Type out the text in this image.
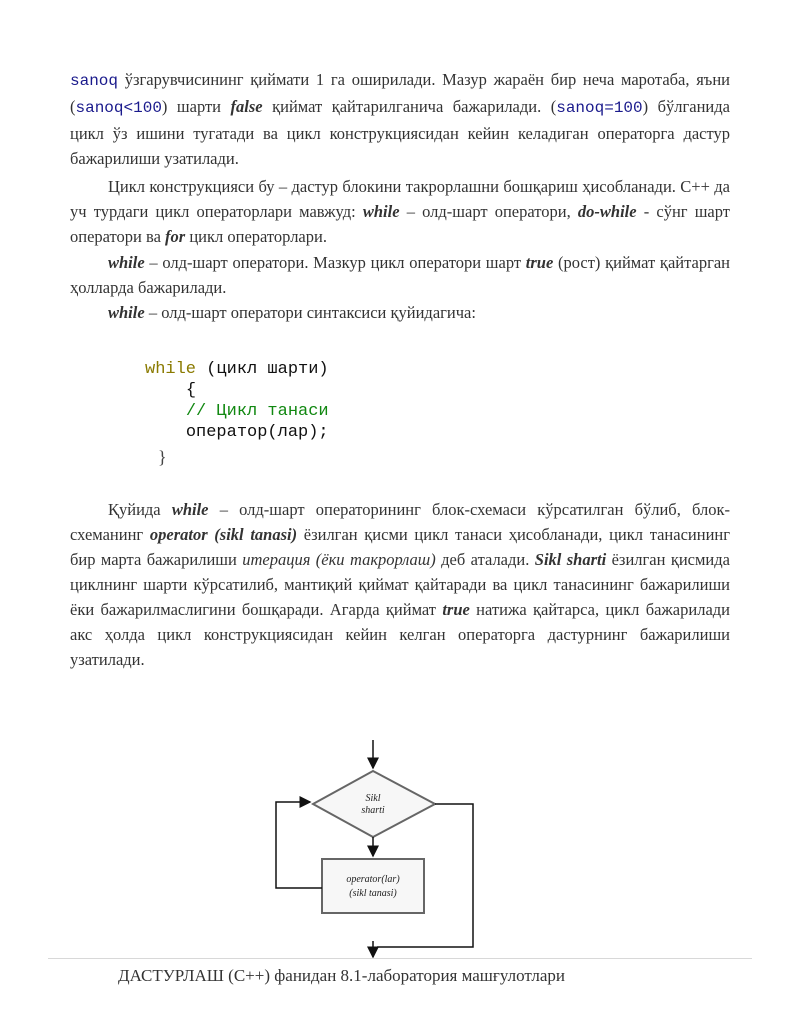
sanoq ўзгарувчисининг қиймати 1 га оширилади. Мазур жараён бир неча маротаба, яъни (sanoq<100) шарти false қиймат қайтарилганича бажарилади. (sanoq=100) бўлганида цикл ўз ишини тугатади ва цикл конструкциясидан кейин келадиган операторга дастур бажарилиши узатилади.

Цикл конструкцияси бу – дастур блокини такрорлашни бошқариш ҳисобланади. С++ да уч турдаги цикл операторлари мавжуд: while – олд-шарт оператори, do-while - сўнг шарт оператори ва for цикл операторлари.

while – олд-шарт оператори. Мазкур цикл оператори шарт true (рост) қиймат қайтарган ҳолларда бажарилади.

while – олд-шарт оператори синтаксиси қуйидагича:

while (цикл шарти)
{
// Цикл танаси
оператор(лар);
}

Қуйида while – олд-шарт операторининг блок-схемаси кўрсатилган бўлиб, блок-схеманинг operator (sikl tanasi) ёзилган қисми цикл танаси ҳисобланади, цикл танасининг бир марта бажарилиши итерация (ёки такрорлаш) деб аталади. Sikl sharti ёзилган қисмида циклнинг шарти кўрсатилиб, мантиқий қиймат қайтаради ва цикл танасининг бажарилиши ёки бажарилмаслигини бошқаради. Агарда қиймат true натижа қайтарса, цикл бажарилади акс ҳолда цикл конструкциясидан кейин келган операторга дастурнинг бажарилиши узатилади.

Sikl
sharti
operator(lar)
(sikl tanasi)
ДАСТУРЛАШ (C++) фанидан 8.1-лаборатория машғулотлари
